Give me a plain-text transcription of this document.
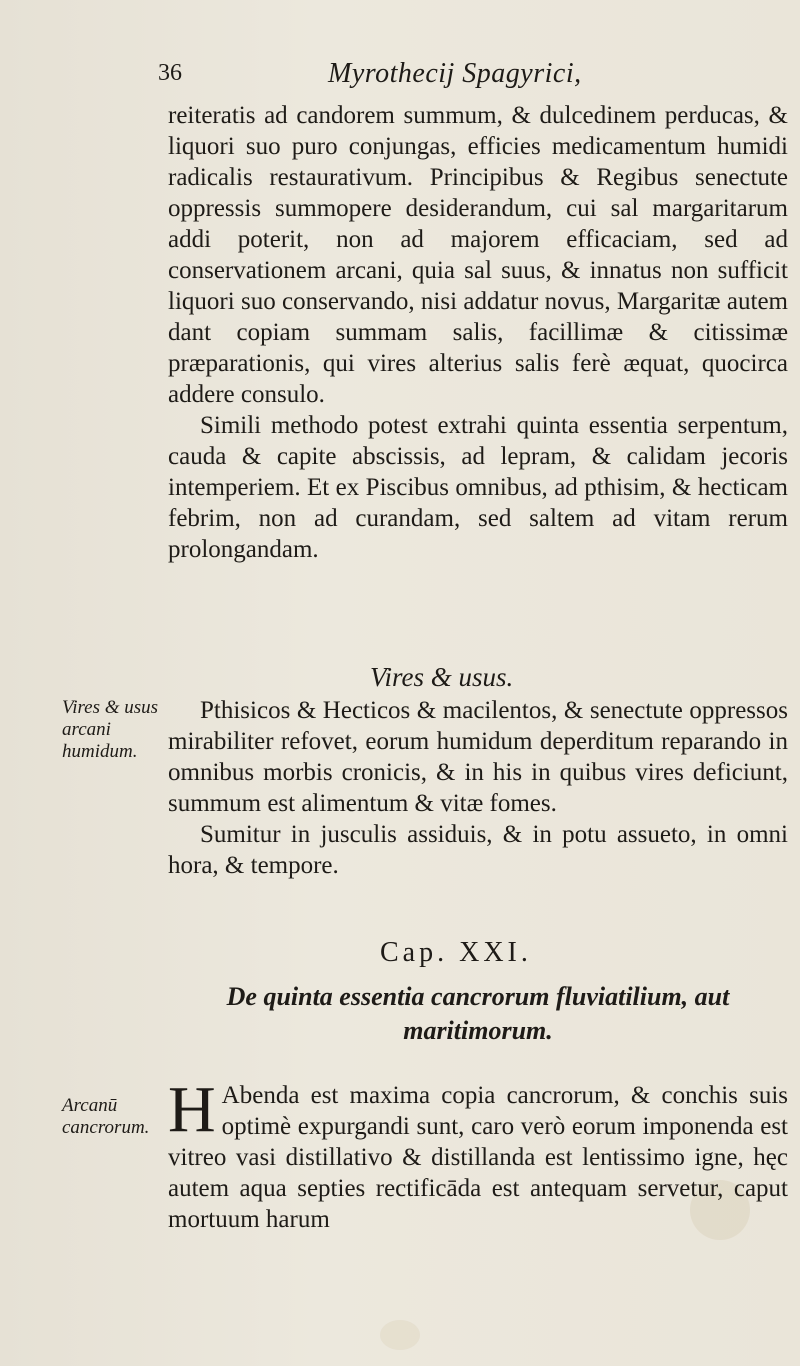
36	Myrothecij Spagyrici,

reiteratis ad candorem summum, & dulcedinem perducas, & liquori suo puro conjungas, efficies medicamentum humidi radicalis restaurativum. Principibus & Regibus senectute oppressis summopere desiderandum, cui sal margaritarum addi poterit, non ad majorem efficaciam, sed ad conservationem arcani, quia sal suus, & innatus non sufficit liquori suo conservando, nisi addatur novus, Margaritæ autem dant copiam summam salis, facillimæ & citissimæ præparationis, qui vires alterius salis ferè æquat, quocirca addere consulo.

Simili methodo potest extrahi quinta essentia serpentum, cauda & capite abscissis, ad lepram, & calidam jecoris intemperiem. Et ex Piscibus omnibus, ad pthisim, & hecticam febrim, non ad curandam, sed saltem ad vitam rerum prolongandam.

Vires & usus.
Vires & usus arcani humidum.

Pthisicos & Hecticos & macilentos, & senectute oppressos mirabiliter refovet, eorum humidum deperditum reparando in omnibus morbis cronicis, & in his in quibus vires deficiunt, summum est alimentum & vitæ fomes.

Sumitur in jusculis assiduis, & in potu assueto, in omni hora, & tempore.

Cap. XXI.
De quinta essentia cancrorum fluviatilium, aut maritimorum.
Arcanū cancrorum. H Abenda est maxima copia cancrorum, & conchis suis optimè expurgandi sunt, caro verò eorum imponenda est vitreo vasi distillativo & distillanda est lentissimo igne, hęc autem aqua septies rectificāda est antequam servetur, caput mortuum harum
